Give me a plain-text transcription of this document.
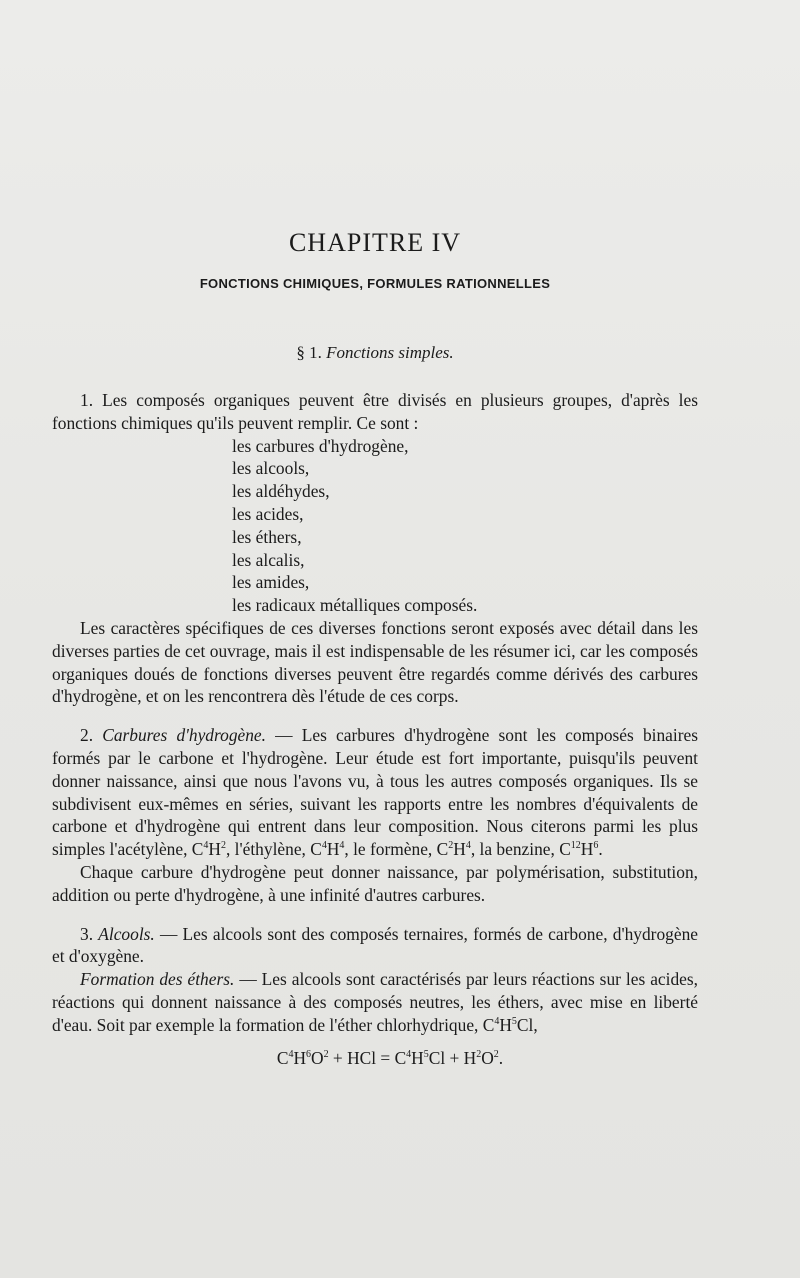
CHAPITRE IV
FONCTIONS CHIMIQUES, FORMULES RATIONNELLES
§ 1. Fonctions simples.

1. Les composés organiques peuvent être divisés en plusieurs groupes, d'après les fonctions chimiques qu'ils peuvent remplir. Ce sont :

les carbures d'hydrogène,
les alcools,
les aldéhydes,
les acides,
les éthers,
les alcalis,
les amides,
les radicaux métalliques composés.

Les caractères spécifiques de ces diverses fonctions seront exposés avec détail dans les diverses parties de cet ouvrage, mais il est indispensable de les résumer ici, car les composés organiques doués de fonctions diverses peuvent être regardés comme dérivés des carbures d'hydrogène, et on les rencontrera dès l'étude de ces corps.

2. Carbures d'hydrogène. — Les carbures d'hydrogène sont les composés binaires formés par le carbone et l'hydrogène. Leur étude est fort importante, puisqu'ils peuvent donner naissance, ainsi que nous l'avons vu, à tous les autres composés organiques. Ils se subdivisent eux-mêmes en séries, suivant les rapports entre les nombres d'équivalents de carbone et d'hydrogène qui entrent dans leur composition. Nous citerons parmi les plus simples l'acétylène, $C^4H^2$, l'éthylène, $C^4H^4$, le formène, $C^2H^4$, la benzine, $C^{12}H^6$.

Chaque carbure d'hydrogène peut donner naissance, par polymérisation, substitution, addition ou perte d'hydrogène, à une infinité d'autres carbures.

3. Alcools. — Les alcools sont des composés ternaires, formés de carbone, d'hydrogène et d'oxygène.

Formation des éthers. — Les alcools sont caractérisés par leurs réactions sur les acides, réactions qui donnent naissance à des composés neutres, les éthers, avec mise en liberté d'eau. Soit par exemple la formation de l'éther chlorhydrique, $C^4H^5Cl$,

$C^4H^6O^2$ + HCl = $C^4H^5Cl + H^2O^2$.
